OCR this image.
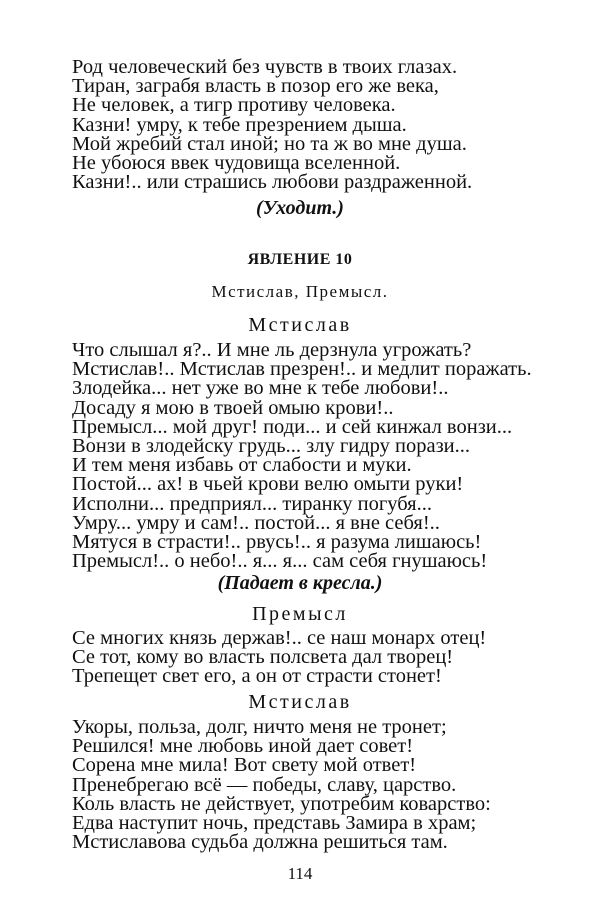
Род человеческий без чувств в твоих глазах.
Тиран, заграбя власть в позор его же века,
Не человек, а тигр противу человека.
Казни! умру, к тебе презрением дыша.
Мой жребий стал иной; но та ж во мне душа.
Не убоюся ввек чудовища вселенной.
Казни!.. или страшись любови раздраженной.
(Уходит.)
ЯВЛЕНИЕ 10
Мстислав, Премысл.
Мстислав
Что слышал я?.. И мне ль дерзнула угрожать?
Мстислав!.. Мстислав презрен!.. и медлит поражать.
Злодейка... нет уже во мне к тебе любови!..
Досаду я мою в твоей омыю крови!..
Премысл... мой друг! поди... и сей кинжал вонзи...
Вонзи в злодейску грудь... злу гидру порази...
И тем меня избавь от слабости и муки.
Постой... ах! в чьей крови велю омыти руки!
Исполни... предприял... тиранку погубя...
Умру... умру и сам!.. постой... я вне себя!..
Мятуся в страсти!.. рвусь!.. я разума лишаюсь!
Премысл!.. о небо!.. я... я... сам себя гнушаюсь!
(Падает в кресла.)
Премысл
Се многих князь держав!.. се наш монарх отец!
Се тот, кому во власть полсвета дал творец!
Трепещет свет его, а он от страсти стонет!
Мстислав
Укоры, польза, долг, ничто меня не тронет;
Решился! мне любовь иной дает совет!
Сорена мне мила! Вот свету мой ответ!
Пренебрегаю всё — победы, славу, царство.
Коль власть не действует, употребим коварство:
Едва наступит ночь, представь Замира в храм;
Мстиславова судьба должна решиться там.
114
